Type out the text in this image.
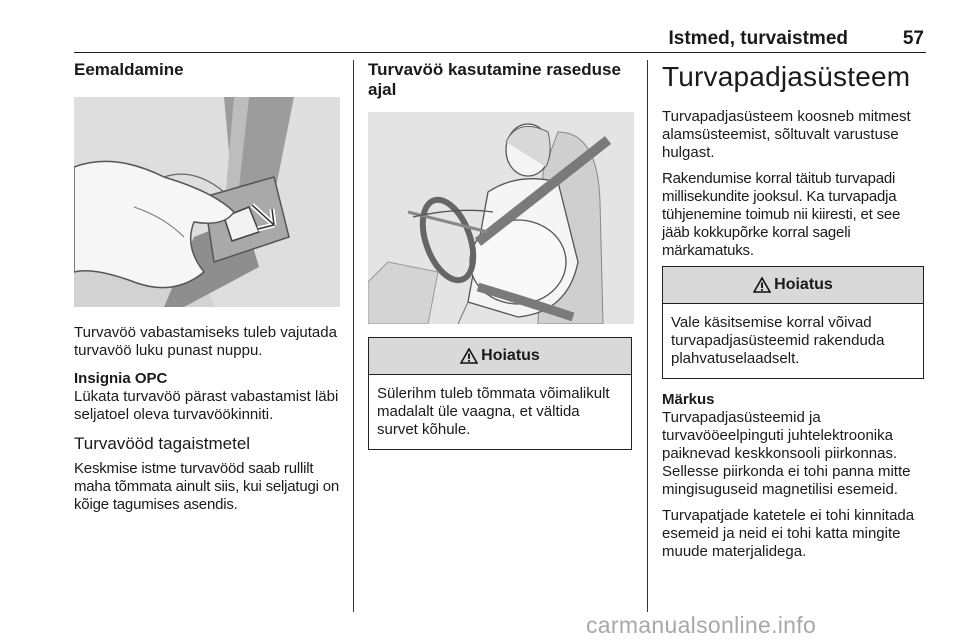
Istmed, turvaistmed	57
Eemaldamine

Turvavöö vabastamiseks tuleb vajutada turvavöö luku punast nuppu.

Insignia OPC

Lükata turvavöö pärast vabastamist läbi seljatoel oleva turvavöökinniti.

Turvavööd tagaistmetel

Keskmise istme turvavööd saab rullilt maha tõmmata ainult siis, kui seljatugi on kõige tagumises asendis.

Turvavöö kasutamine raseduse ajal
Hoiatus
Sülerihm tuleb tõmmata võimalikult madalalt üle vaagna, et vältida survet kõhule.
Turvapadjasüsteem

Turvapadjasüsteem koosneb mitmest alamsüsteemist, sõltuvalt varustuse hulgast.

Rakendumise korral täitub turvapadi millisekundite jooksul. Ka turvapadja tühjenemine toimub nii kiiresti, et see jääb kokkupõrke korral sageli märkamatuks.

Hoiatus
Vale käsitsemise korral võivad turvapadjasüsteemid rakenduda plahvatuselaadselt.

Märkus

Turvapadjasüsteemid ja turvavööeelpinguti juhtelektroonika paiknevad keskkonsooli piirkonnas. Sellesse piirkonda ei tohi panna mitte mingisuguseid magnetilisi esemeid.

Turvapatjade katetele ei tohi kinnitada esemeid ja neid ei tohi katta mingite muude materjalidega.

carmanualsonline.info
